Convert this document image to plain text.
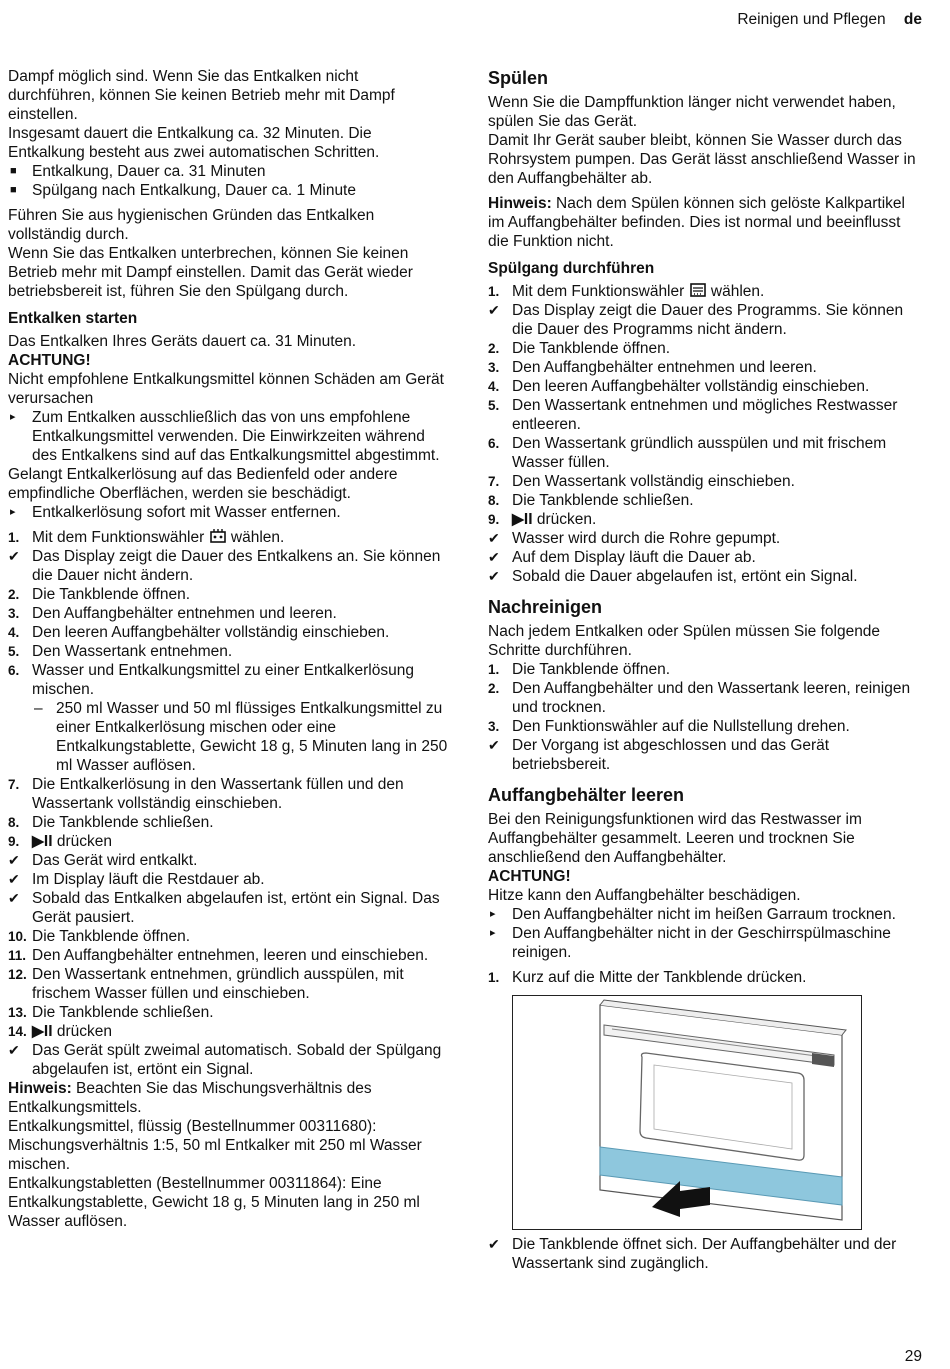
Reinigen und Pflegen de

Dampf möglich sind. Wenn Sie das Entkalken nicht durchführen, können Sie keinen Betrieb mehr mit Dampf einstellen.

Insgesamt dauert die Entkalkung ca. 32 Minuten. Die Entkalkung besteht aus zwei automatischen Schritten.

■ Entkalkung, Dauer ca. 31 Minuten
■ Spülgang nach Entkalkung, Dauer ca. 1 Minute

Führen Sie aus hygienischen Gründen das Entkalken vollständig durch.

Wenn Sie das Entkalken unterbrechen, können Sie keinen Betrieb mehr mit Dampf einstellen. Damit das Gerät wieder betriebsbereit ist, führen Sie den Spülgang durch.

Entkalken starten

Das Entkalken Ihres Geräts dauert ca. 31 Minuten.

ACHTUNG!

Nicht empfohlene Entkalkungsmittel können Schäden am Gerät verursachen

▸	Zum Entkalken ausschließlich das von uns empfohlene Entkalkungsmittel verwenden. Die Einwirkzeiten während des Entkalkens sind auf das Entkalkungsmittel abgestimmt.

Gelangt Entkalkerlösung auf das Bedienfeld oder andere empfindliche Oberflächen, werden sie beschädigt.

▸	Entkalkerlösung sofort mit Wasser entfernen.
1. Mit dem Funktionswähler wählen.
✔ Das Display zeigt die Dauer des Entkalkens an. Sie können die Dauer nicht ändern.
2. Die Tankblende öffnen.
3. Den Auffangbehälter entnehmen und leeren.
4. Den leeren Auffangbehälter vollständig einschieben.
5. Den Wassertank entnehmen.
6. Wasser und Entkalkungsmittel zu einer Entkalkerlösung mischen.
– 250 ml Wasser und 50 ml flüssiges Entkalkungsmittel zu einer Entkalkerlösung mischen oder eine Entkalkungstablette, Gewicht 18 g, 5 Minuten lang in 250 ml Wasser auflösen.
7. Die Entkalkerlösung in den Wassertank füllen und den Wassertank vollständig einschieben.
8. Die Tankblende schließen.
9. ▶II drücken
✔ Das Gerät wird entkalkt.
✔ Im Display läuft die Restdauer ab.
✔ Sobald das Entkalken abgelaufen ist, ertönt ein Signal. Das Gerät pausiert.
10. Die Tankblende öffnen.
11. Den Auffangbehälter entnehmen, leeren und einschieben.
12. Den Wassertank entnehmen, gründlich ausspülen, mit frischem Wasser füllen und einschieben.
13. Die Tankblende schließen.
14. ▶II drücken
✔ Das Gerät spült zweimal automatisch. Sobald der Spülgang abgelaufen ist, ertönt ein Signal.

Hinweis: Beachten Sie das Mischungsverhältnis des Entkalkungsmittels.

Entkalkungsmittel, flüssig (Bestellnummer 00311680): Mischungsverhältnis 1:5, 50 ml Entkalker mit 250 ml Wasser mischen.

Entkalkungstabletten (Bestellnummer 00311864): Eine Entkalkungstablette, Gewicht 18 g, 5 Minuten lang in 250 ml Wasser auflösen.

Spülen

Wenn Sie die Dampffunktion länger nicht verwendet haben, spülen Sie das Gerät.

Damit Ihr Gerät sauber bleibt, können Sie Wasser durch das Rohrsystem pumpen. Das Gerät lässt anschließend Wasser in den Auffangbehälter ab.

Hinweis: Nach dem Spülen können sich gelöste Kalkpartikel im Auffangbehälter befinden. Dies ist normal und beeinflusst die Funktion nicht.

Spülgang durchführen
1. Mit dem Funktionswähler wählen.
✔ Das Display zeigt die Dauer des Programms. Sie können die Dauer des Programms nicht ändern.
2. Die Tankblende öffnen.
3. Den Auffangbehälter entnehmen und leeren.
4. Den leeren Auffangbehälter vollständig einschieben.
5. Den Wassertank entnehmen und mögliches Restwasser entleeren.
6. Den Wassertank gründlich ausspülen und mit frischem Wasser füllen.
7. Den Wassertank vollständig einschieben.
8. Die Tankblende schließen.
9. ▶II drücken.
✔ Wasser wird durch die Rohre gepumpt.
✔ Auf dem Display läuft die Dauer ab.
✔ Sobald die Dauer abgelaufen ist, ertönt ein Signal.
Nachreinigen

Nach jedem Entkalken oder Spülen müssen Sie folgende Schritte durchführen.

1. Die Tankblende öffnen.
2. Den Auffangbehälter und den Wassertank leeren, reinigen und trocknen.
3. Den Funktionswähler auf die Nullstellung drehen.
✔ Der Vorgang ist abgeschlossen und das Gerät betriebsbereit.
Auffangbehälter leeren

Bei den Reinigungsfunktionen wird das Restwasser im Auffangbehälter gesammelt. Leeren und trocknen Sie anschließend den Auffangbehälter.

ACHTUNG!

Hitze kann den Auffangbehälter beschädigen.

▸	Den Auffangbehälter nicht im heißen Garraum trocknen.
▸	Den Auffangbehälter nicht in der Geschirrspülmaschine reinigen.
1. Kurz auf die Mitte der Tankblende drücken.
✔ Die Tankblende öffnet sich. Der Auffangbehälter und der Wassertank sind zugänglich.
29
